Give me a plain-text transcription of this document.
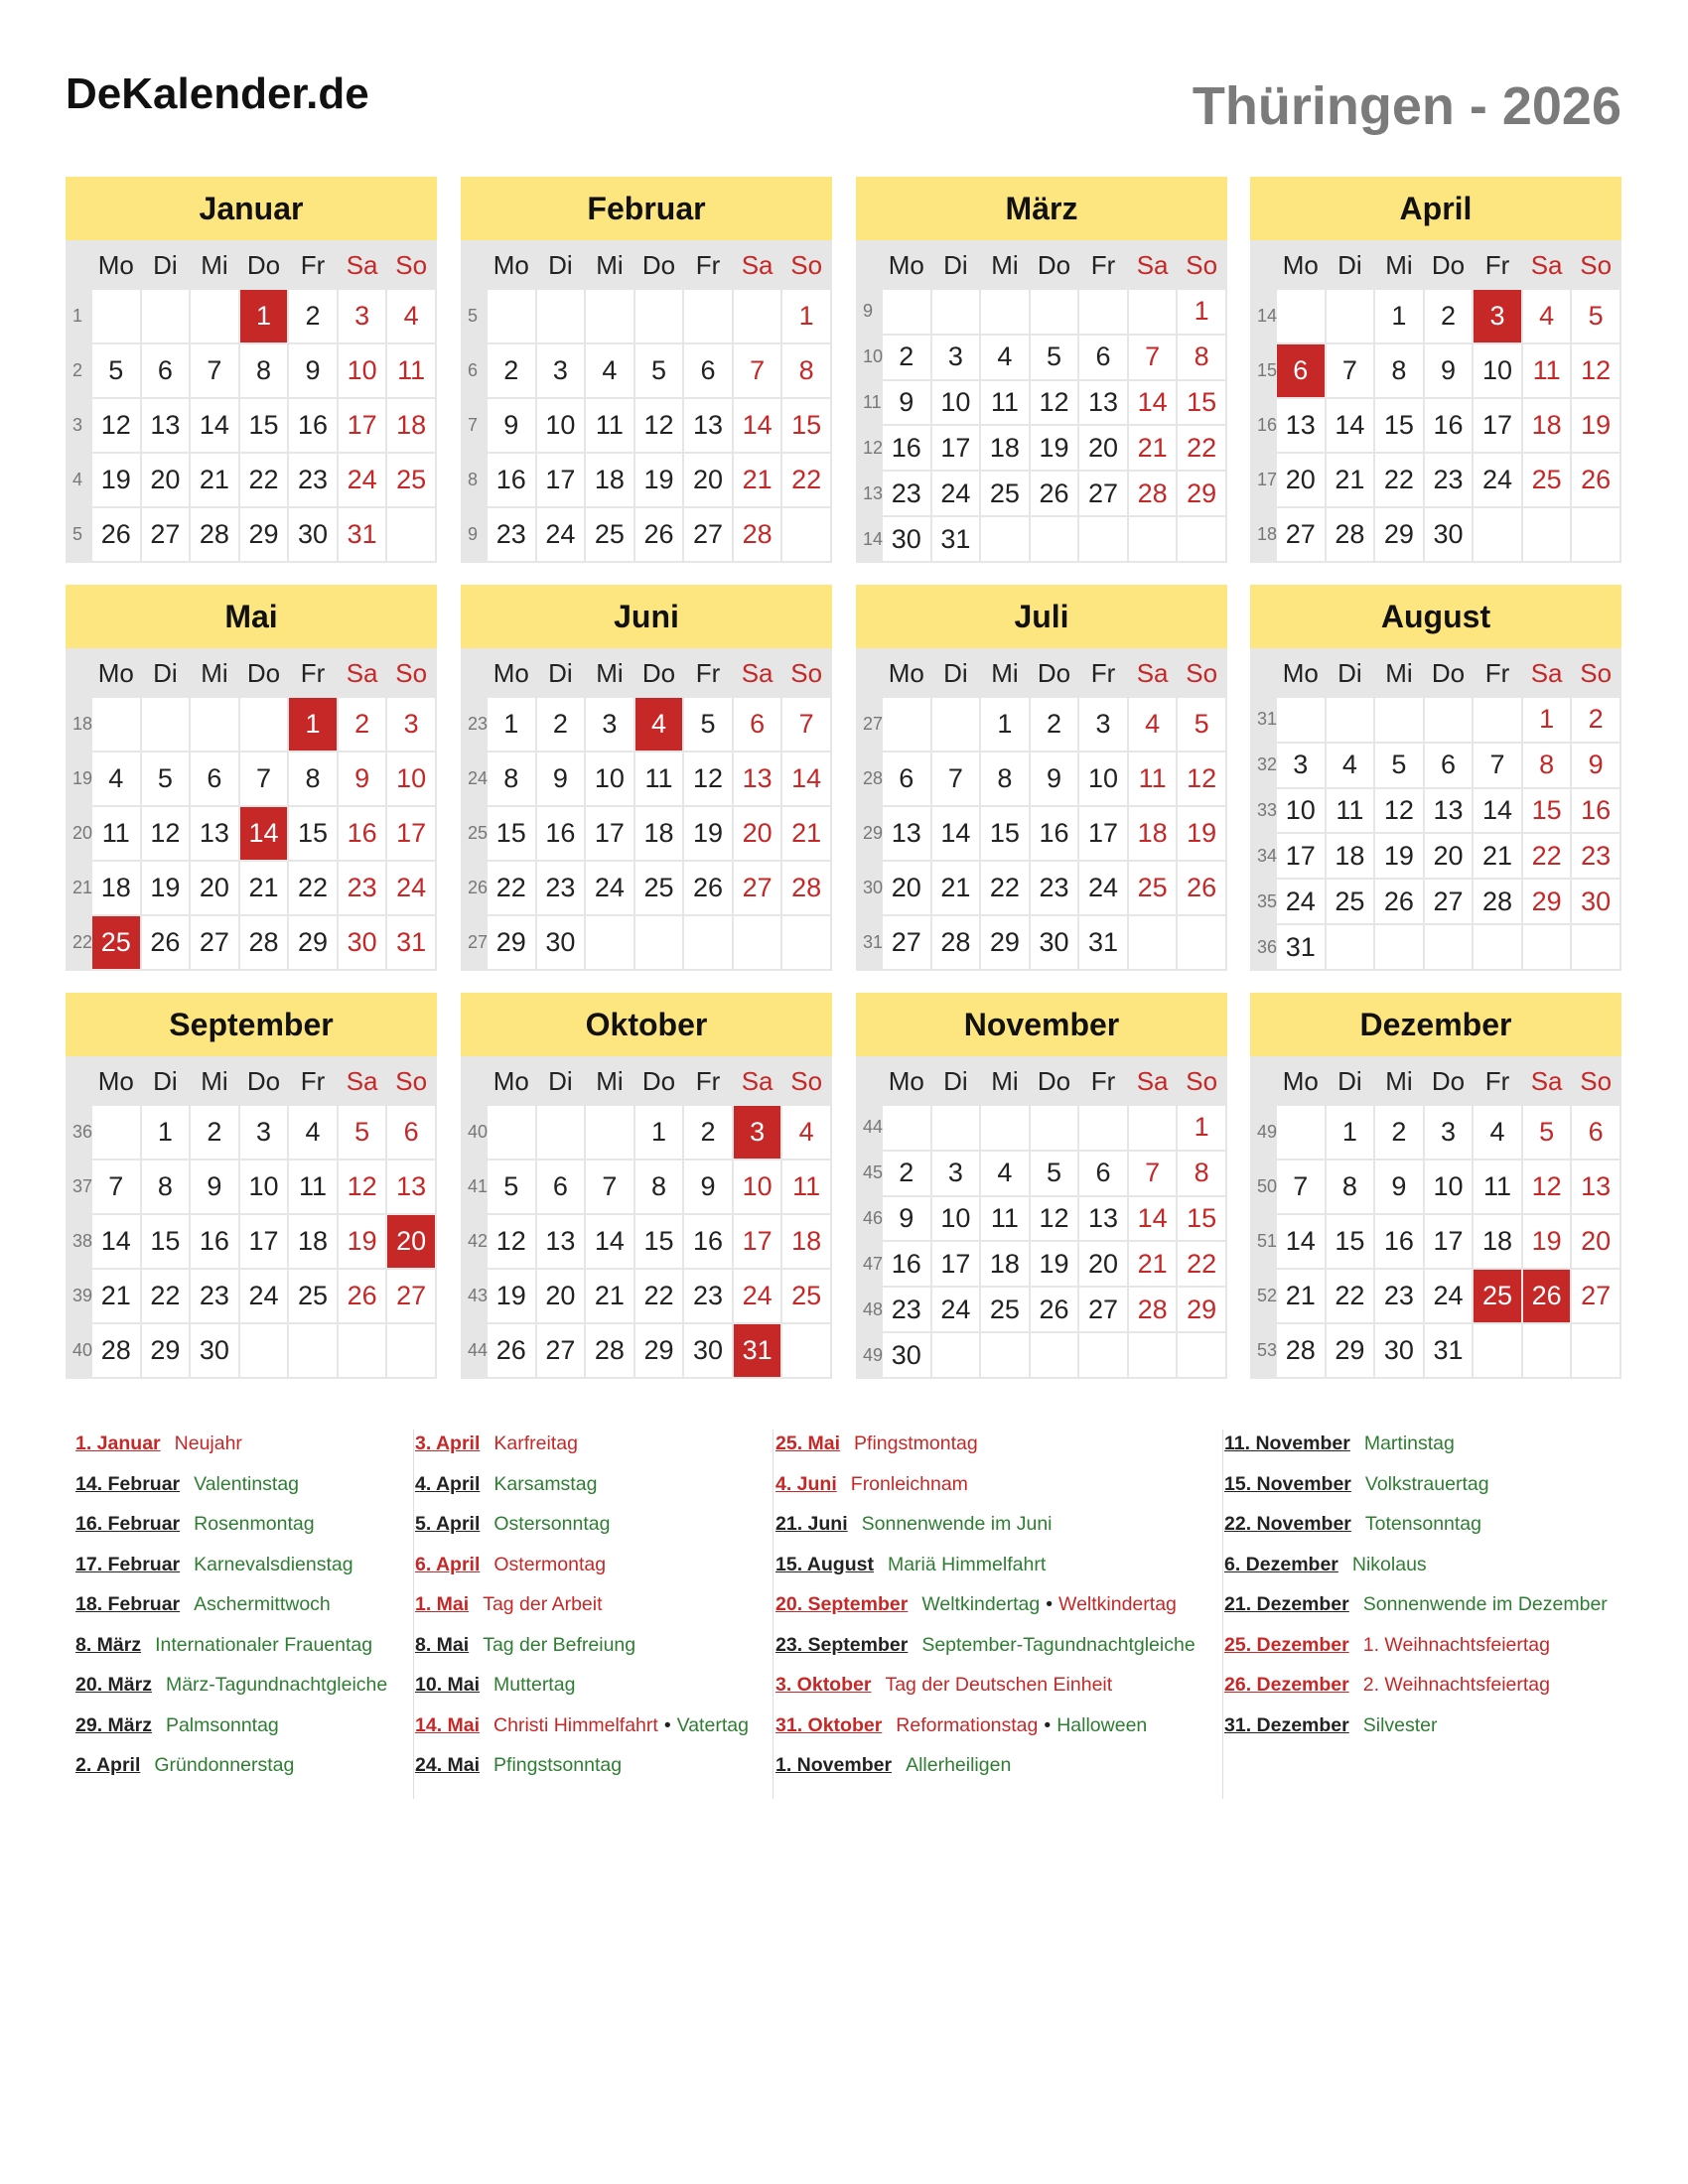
DeKalender.de	Thüringen - 2026
Januar
	Mo	Di	Mi	Do	Fr	Sa	So
1				1	2	3	4
2	5	6	7	8	9	10	11
3	12	13	14	15	16	17	18
4	19	20	21	22	23	24	25
5	26	27	28	29	30	31	
Februar
	Mo	Di	Mi	Do	Fr	Sa	So
5							1
6	2	3	4	5	6	7	8
7	9	10	11	12	13	14	15
8	16	17	18	19	20	21	22
9	23	24	25	26	27	28	
März
	Mo	Di	Mi	Do	Fr	Sa	So
9							1
10	2	3	4	5	6	7	8
11	9	10	11	12	13	14	15
12	16	17	18	19	20	21	22
13	23	24	25	26	27	28	29
14	30	31					
April
	Mo	Di	Mi	Do	Fr	Sa	So
14			1	2	3	4	5
15	6	7	8	9	10	11	12
16	13	14	15	16	17	18	19
17	20	21	22	23	24	25	26
18	27	28	29	30			
Mai
	Mo	Di	Mi	Do	Fr	Sa	So
18					1	2	3
19	4	5	6	7	8	9	10
20	11	12	13	14	15	16	17
21	18	19	20	21	22	23	24
22	25	26	27	28	29	30	31
Juni
	Mo	Di	Mi	Do	Fr	Sa	So
23	1	2	3	4	5	6	7
24	8	9	10	11	12	13	14
25	15	16	17	18	19	20	21
26	22	23	24	25	26	27	28
27	29	30					
Juli
	Mo	Di	Mi	Do	Fr	Sa	So
27			1	2	3	4	5
28	6	7	8	9	10	11	12
29	13	14	15	16	17	18	19
30	20	21	22	23	24	25	26
31	27	28	29	30	31		
August
	Mo	Di	Mi	Do	Fr	Sa	So
31						1	2
32	3	4	5	6	7	8	9
33	10	11	12	13	14	15	16
34	17	18	19	20	21	22	23
35	24	25	26	27	28	29	30
36	31						
September
	Mo	Di	Mi	Do	Fr	Sa	So
36		1	2	3	4	5	6
37	7	8	9	10	11	12	13
38	14	15	16	17	18	19	20
39	21	22	23	24	25	26	27
40	28	29	30				
Oktober
	Mo	Di	Mi	Do	Fr	Sa	So
40				1	2	3	4
41	5	6	7	8	9	10	11
42	12	13	14	15	16	17	18
43	19	20	21	22	23	24	25
44	26	27	28	29	30	31	
November
	Mo	Di	Mi	Do	Fr	Sa	So
44							1
45	2	3	4	5	6	7	8
46	9	10	11	12	13	14	15
47	16	17	18	19	20	21	22
48	23	24	25	26	27	28	29
49	30						
Dezember
	Mo	Di	Mi	Do	Fr	Sa	So
49		1	2	3	4	5	6
50	7	8	9	10	11	12	13
51	14	15	16	17	18	19	20
52	21	22	23	24	25	26	27
53	28	29	30	31			
1. Januar Neujahr
14. Februar Valentinstag
16. Februar Rosenmontag
17. Februar Karnevalsdienstag
18. Februar Aschermittwoch
8. März Internationaler Frauentag
20. März März-Tagundnachtgleiche
29. März Palmsonntag
2. April Gründonnerstag
3. April Karfreitag
4. April Karsamstag
5. April Ostersonntag
6. April Ostermontag
1. Mai Tag der Arbeit
8. Mai Tag der Befreiung
10. Mai Muttertag
14. Mai Christi Himmelfahrt • Vatertag
24. Mai Pfingstsonntag
25. Mai Pfingstmontag
4. Juni Fronleichnam
21. Juni Sonnenwende im Juni
15. August Mariä Himmelfahrt
20. September Weltkindertag • Weltkindertag
23. September September-Tagundnachtgleiche
3. Oktober Tag der Deutschen Einheit
31. Oktober Reformationstag • Halloween
1. November Allerheiligen
11. November Martinstag
15. November Volkstrauertag
22. November Totensonntag
6. Dezember Nikolaus
21. Dezember Sonnenwende im Dezember
25. Dezember 1. Weihnachtsfeiertag
26. Dezember 2. Weihnachtsfeiertag
31. Dezember Silvester
